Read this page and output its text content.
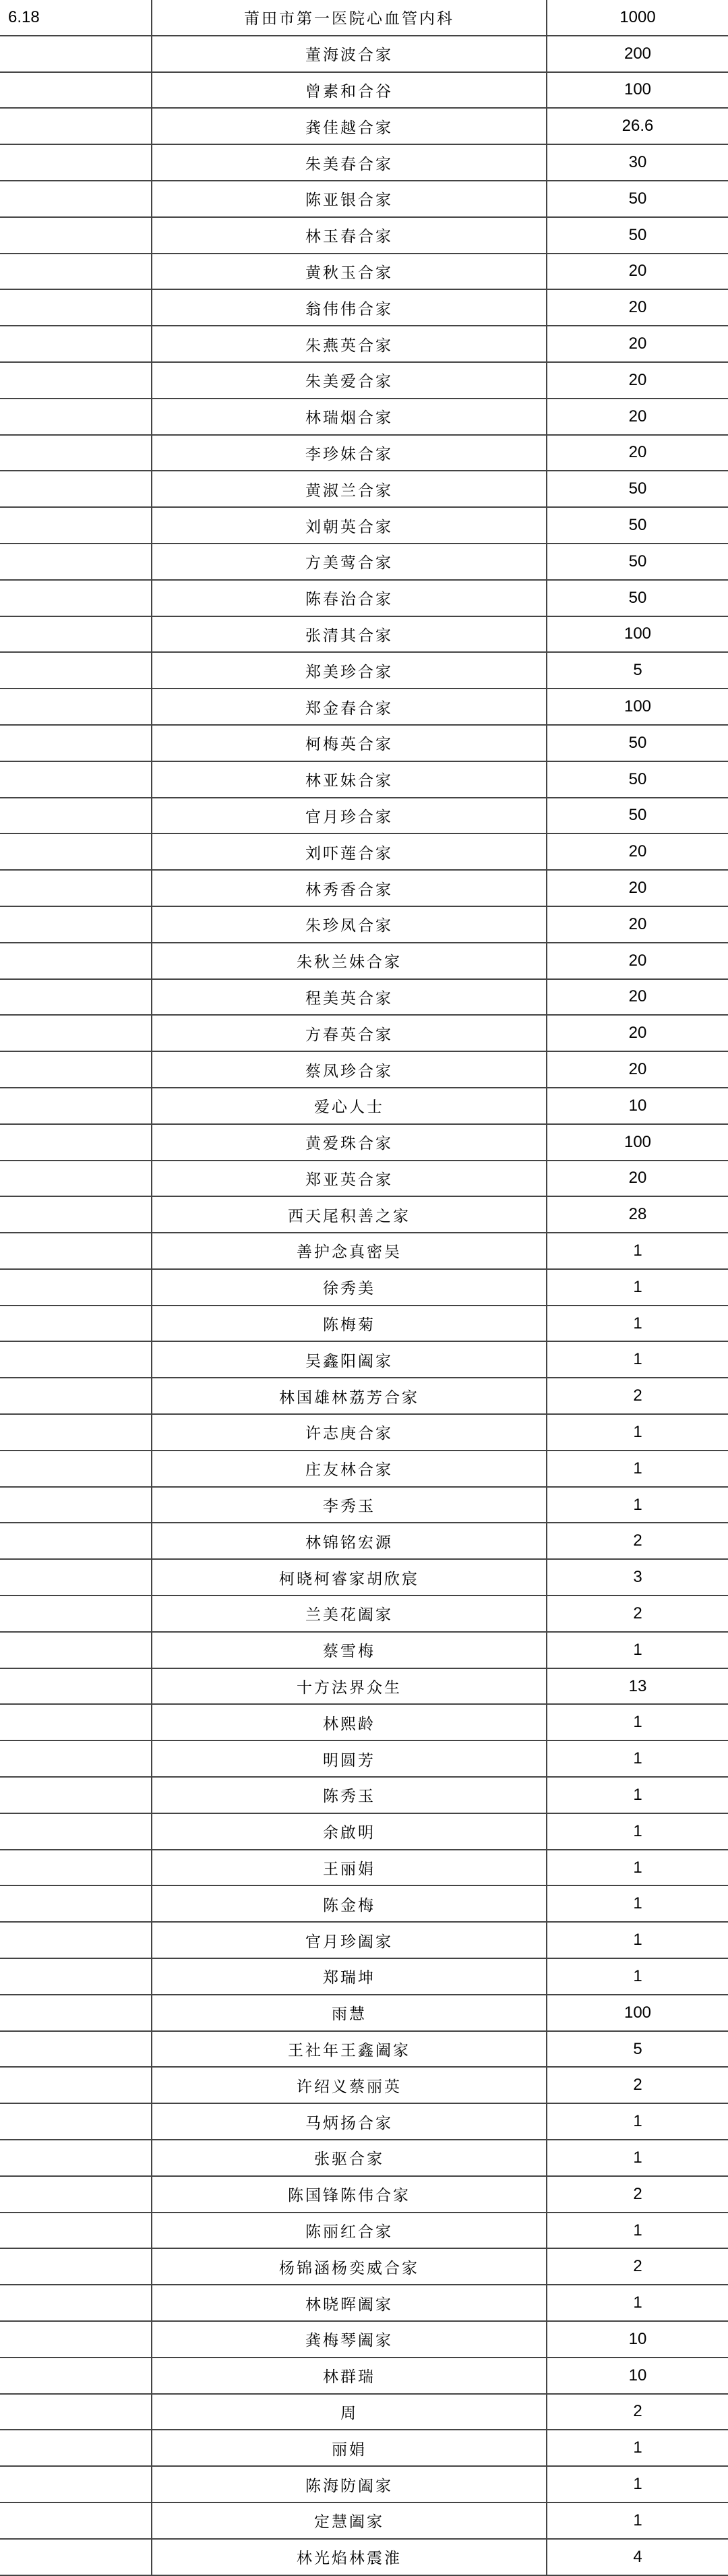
6.18	莆田市第一医院心血管内科	1000
	董海波合家	200
	曾素和合谷	100
	龚佳越合家	26.6
	朱美春合家	30
	陈亚银合家	50
	林玉春合家	50
	黄秋玉合家	20
	翁伟伟合家	20
	朱燕英合家	20
	朱美爱合家	20
	林瑞烟合家	20
	李珍妹合家	20
	黄淑兰合家	50
	刘朝英合家	50
	方美莺合家	50
	陈春治合家	50
	张清其合家	100
	郑美珍合家	5
	郑金春合家	100
	柯梅英合家	50
	林亚妹合家	50
	官月珍合家	50
	刘吓莲合家	20
	林秀香合家	20
	朱珍凤合家	20
	朱秋兰妹合家	20
	程美英合家	20
	方春英合家	20
	蔡凤珍合家	20
	爱心人士	10
	黄爱珠合家	100
	郑亚英合家	20
	西天尾积善之家	28
	善护念真密吴	1
	徐秀美	1
	陈梅菊	1
	吴鑫阳阖家	1
	林国雄林荔芳合家	2
	许志庚合家	1
	庄友林合家	1
	李秀玉	1
	林锦铭宏源	2
	柯晓柯睿家胡欣宸	3
	兰美花阖家	2
	蔡雪梅	1
	十方法界众生	13
	林熙龄	1
	明圆芳	1
	陈秀玉	1
	余啟明	1
	王丽娟	1
	陈金梅	1
	官月珍阖家	1
	郑瑞坤	1
	雨慧	100
	王社年王鑫阖家	5
	许绍义蔡丽英	2
	马炳扬合家	1
	张驱合家	1
	陈国锋陈伟合家	2
	陈丽红合家	1
	杨锦涵杨奕威合家	2
	林晓晖阖家	1
	龚梅琴阖家	10
	林群瑞	10
	周	2
	丽娟	1
	陈海防阖家	1
	定慧阖家	1
	林光焰林震淮	4
